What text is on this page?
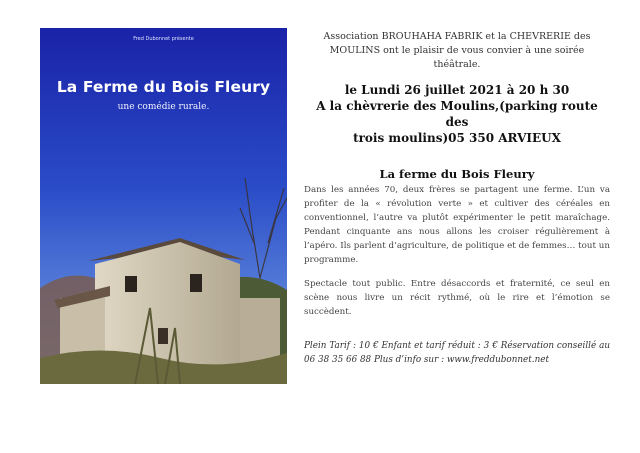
Fred Dubonnet présente
La Ferme du Bois Fleury
une comédie rurale.

Association BROUHAHA FABRIK et la CHEVRERIE des
MOULINS ont le plaisir de vous convier à une soirée
théâtrale.

le Lundi 26 juillet 2021 à 20 h 30
A la chèvrerie des Moulins,(parking route des
trois moulins)05 350 ARVIEUX

La ferme du Bois Fleury

Dans les années 70, deux frères se partagent une ferme. L’un va profiter de la « révolution verte » et cultiver des céréales en conventionnel, l’autre va plutôt expérimenter le petit maraîchage. Pendant cinquante ans nous allons les croiser régulièrement à l’apéro. Ils parlent d’agriculture, de politique et de femmes… tout un programme.

Spectacle tout public. Entre désaccords et fraternité, ce seul en scène nous livre un récit rythmé, où le rire et l’émotion se succèdent.

Plein Tarif : 10 € Enfant et tarif réduit : 3 € Réservation conseillé au 06 38 35 66 88 Plus d’info sur : www.freddubonnet.net
